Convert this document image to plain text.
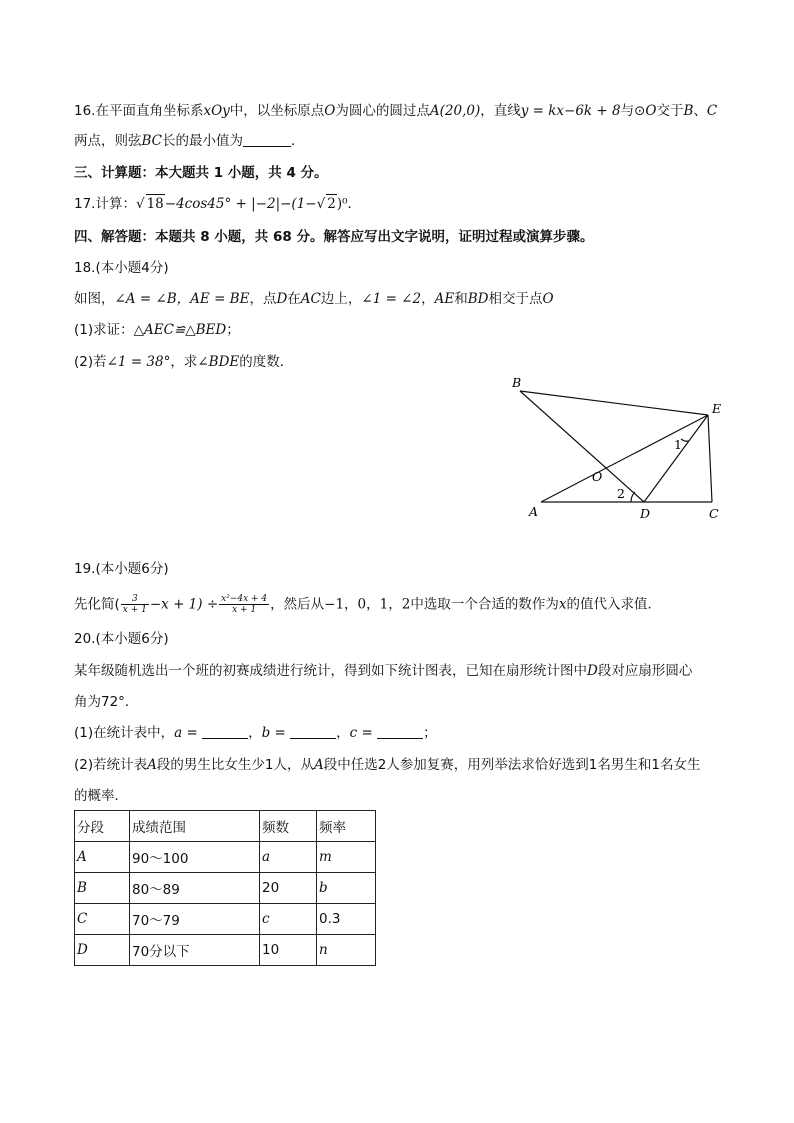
16.在平面直角坐标系xOy中，以坐标原点O为圆心的圆过点A(20,0)，直线y = kx−6k + 8与⊙O交于B、C
两点，则弦BC长的最小值为	．
三、计算题：本大题共 1 小题，共 4 分。
17.计算：√ 18−4cos45° + |−2|−(1−√ 2)⁰．
四、解答题：本题共 8 小题，共 68 分。解答应写出文字说明，证明过程或演算步骤。
18.(本小题4分)
如图，∠A = ∠B，AE = BE，点D在AC边上，∠1 = ∠2，AE和BD相交于点O
(1)求证：△AEC≌△BED；
(2)若∠1 = 38°，求∠BDE的度数．
B
E
1
O
2
A	D	C
19.(本小题6分)
先化简( $\frac{3}{x + 1} -x + 1) \div \frac{\text{x²−4x + 4}}{x + 1}$ ，然后从−1，0，1，2中选取一个合适的数作为x的值代入求值．
20.(本小题6分)
某年级随机选出一个班的初赛成绩进行统计，得到如下统计图表，已知在扇形统计图中D段对应扇形圆心
角为72°．
(1)在统计表中，a =	，b =	，c =	；
(2)若统计表A段的男生比女生少1人，从A段中任选2人参加复赛，用列举法求恰好选到1名男生和1名女生
的概率．
分段	成绩范围	频数	频率
A	90～100	a	m
B	80～89	20	b
C	70～79	c	0.3
D	70分以下	10	n
